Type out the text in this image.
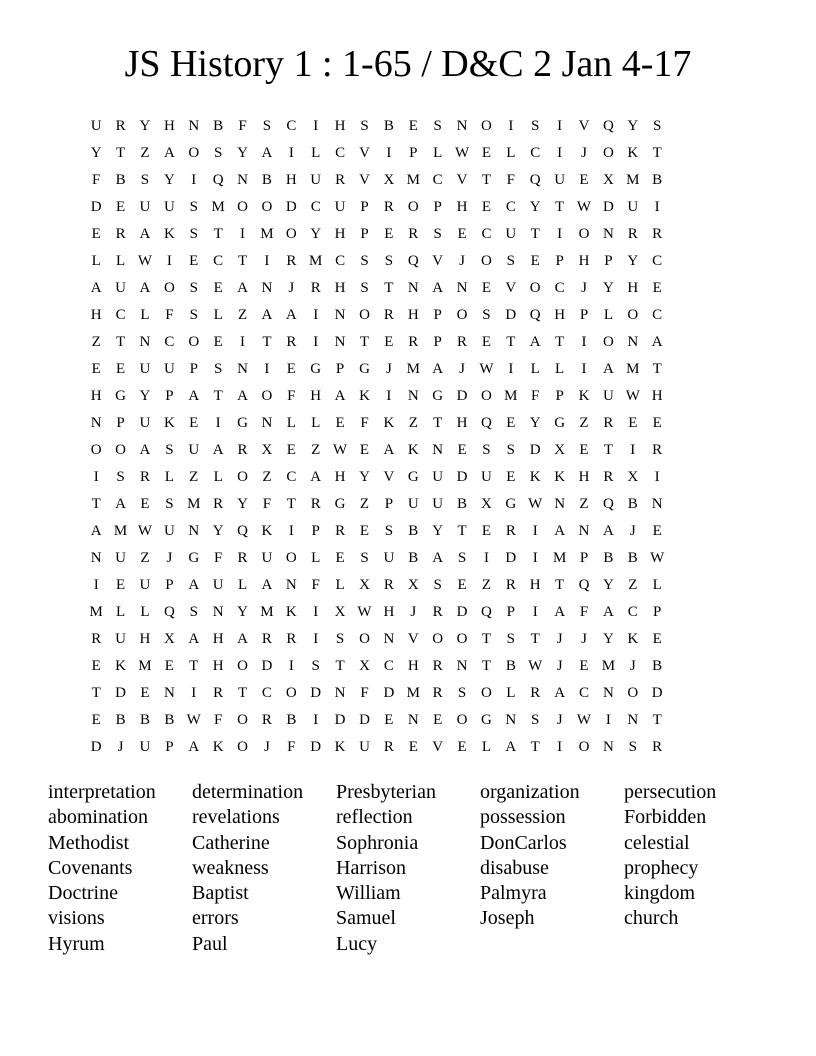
JS History 1 : 1-65 / D&C 2 Jan 4-17
U R Y H N B	F	S	C	I	H S	B E	S N O	I	S	I	V Q Y S
Y T	Z A O S Y A	I	L C V	I	P	L W E	L C	I	J	O K T
F	B	S Y	I	Q N B H U R V X M C V T	F Q U E X M B
D E U U S M O O D C U P	R O P H E C Y T W D U	I
E R A K S	T	I	M O Y H P	E R	S	E C U T	I	O N R R
L	L W I	E C T	I	R M C	S	S Q V	J	O S	E	P H P Y C
A U A O S	E A N	J	R H S	T N A N E V O C	J	Y H E
H C L	F	S	L	Z A A	I	N O R H P O S D Q H P	L O C
Z	T N C O E	I	T R	I	N T	E R	P	R E	T A T	I	O N A
E	E U U P	S N	I	E G P G	J M A	J W I	L	L	I	A M T
H G Y P A T A O F H A K	I	N G D O M F	P K U W H
N P U K E	I	G N L	L	E	F K Z	T H Q E Y G Z R E	E
O O A S U A R X E	Z W E A K N E	S	S D X E	T	I	R
I	S	R L	Z	L O Z C A H Y V G U D U E K K H R X	I
T A E	S M R Y F	T R G Z	P U U B X G W N Z Q B N
A M W U N Y Q K	I	P	R E	S	B Y T	E R	I	A N A	J	E
N U Z	J	G F	R U O L	E	S U B A S	I	D	I	M P	B B W
I	E U P A U L A N F	L X R X S	E	Z R H T Q Y Z	L
M L	L Q S N Y M K	I	X W H	J	R D Q P	I	A F A C	P
R U H X A H A R R	I	S O N V O O T	S	T	J	J	Y K E
E K M E	T H O D	I	S	T X C H R N T B W J	E M J	B
T D E N	I	R T C O D N F D M R	S O L R A C N O D
E B B B W F O R B	I	D D E N E O G N S	J W I	N T
D	J	U P A K O	J	F D K U R E V E	L A T	I	O N S	R
interpretation
abomination
Methodist
Covenants
Doctrine
visions
Hyrum
determination
revelations
Catherine
weakness
Baptist
errors
Paul
Presbyterian
reflection
Sophronia
Harrison
William
Samuel
Lucy
organization
possession
DonCarlos
disabuse
Palmyra
Joseph
persecution
Forbidden
celestial
prophecy
kingdom
church
